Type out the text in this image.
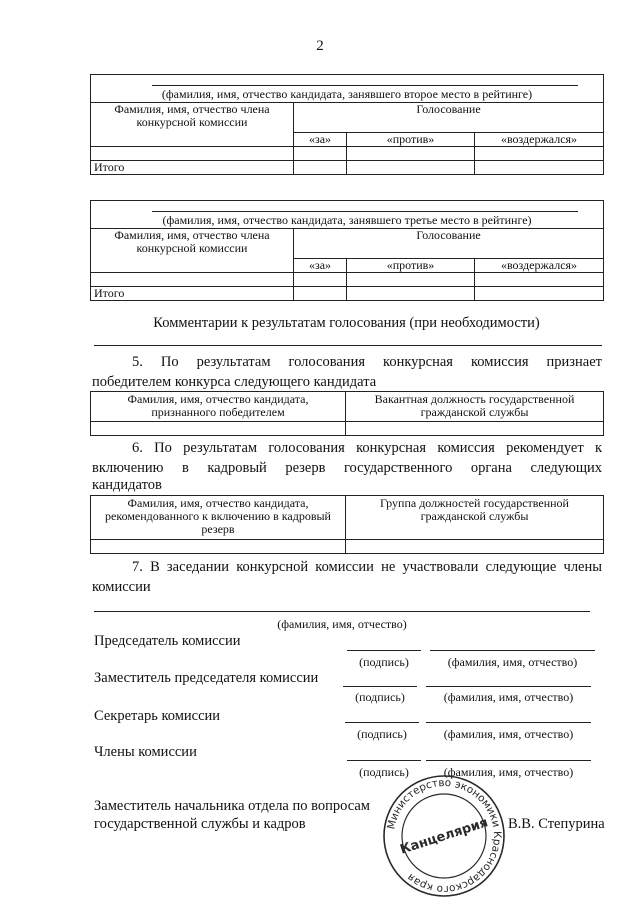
2
(фамилия, имя, отчество кандидата, занявшего второе место в рейтинге)			
Фамилия, имя, отчество члена конкурсной комиссии	Голосование		
	«за»	«против»	«воздержался»

Итого			
(фамилия, имя, отчество кандидата, занявшего третье место в рейтинге)			
Фамилия, имя, отчество члена конкурсной комиссии	Голосование		
	«за»	«против»	«воздержался»

Итого			
Комментарии к результатам голосования (при необходимости)
5. По результатам голосования конкурсная комиссия признает
победителем конкурса следующего кандидата
Фамилия, имя, отчество кандидата, признанного победителем	Вакантная должность государственной гражданской службы

6. По результатам голосования конкурсная комиссия рекомендует к
включению в кадровый резерв государственного органа следующих
кандидатов
Фамилия, имя, отчество кандидата, рекомендованного к включению в кадровый резерв	Группа должностей государственной гражданской службы

7. В заседании конкурсной комиссии не участвовали следующие члены
комиссии
(фамилия, имя, отчество)
Председатель комиссии
(подпись)	(фамилия, имя, отчество)
Заместитель председателя комиссии
(подпись)	(фамилия, имя, отчество)
Секретарь комиссии
(подпись)	(фамилия, имя, отчество)
Члены комиссии
(подпись)	(фамилия, имя, отчество)
Заместитель начальника отдела по вопросам
государственной службы и кадров	В.В. Степурина
Министерство экономики Краснодарского края
Канцелярия
